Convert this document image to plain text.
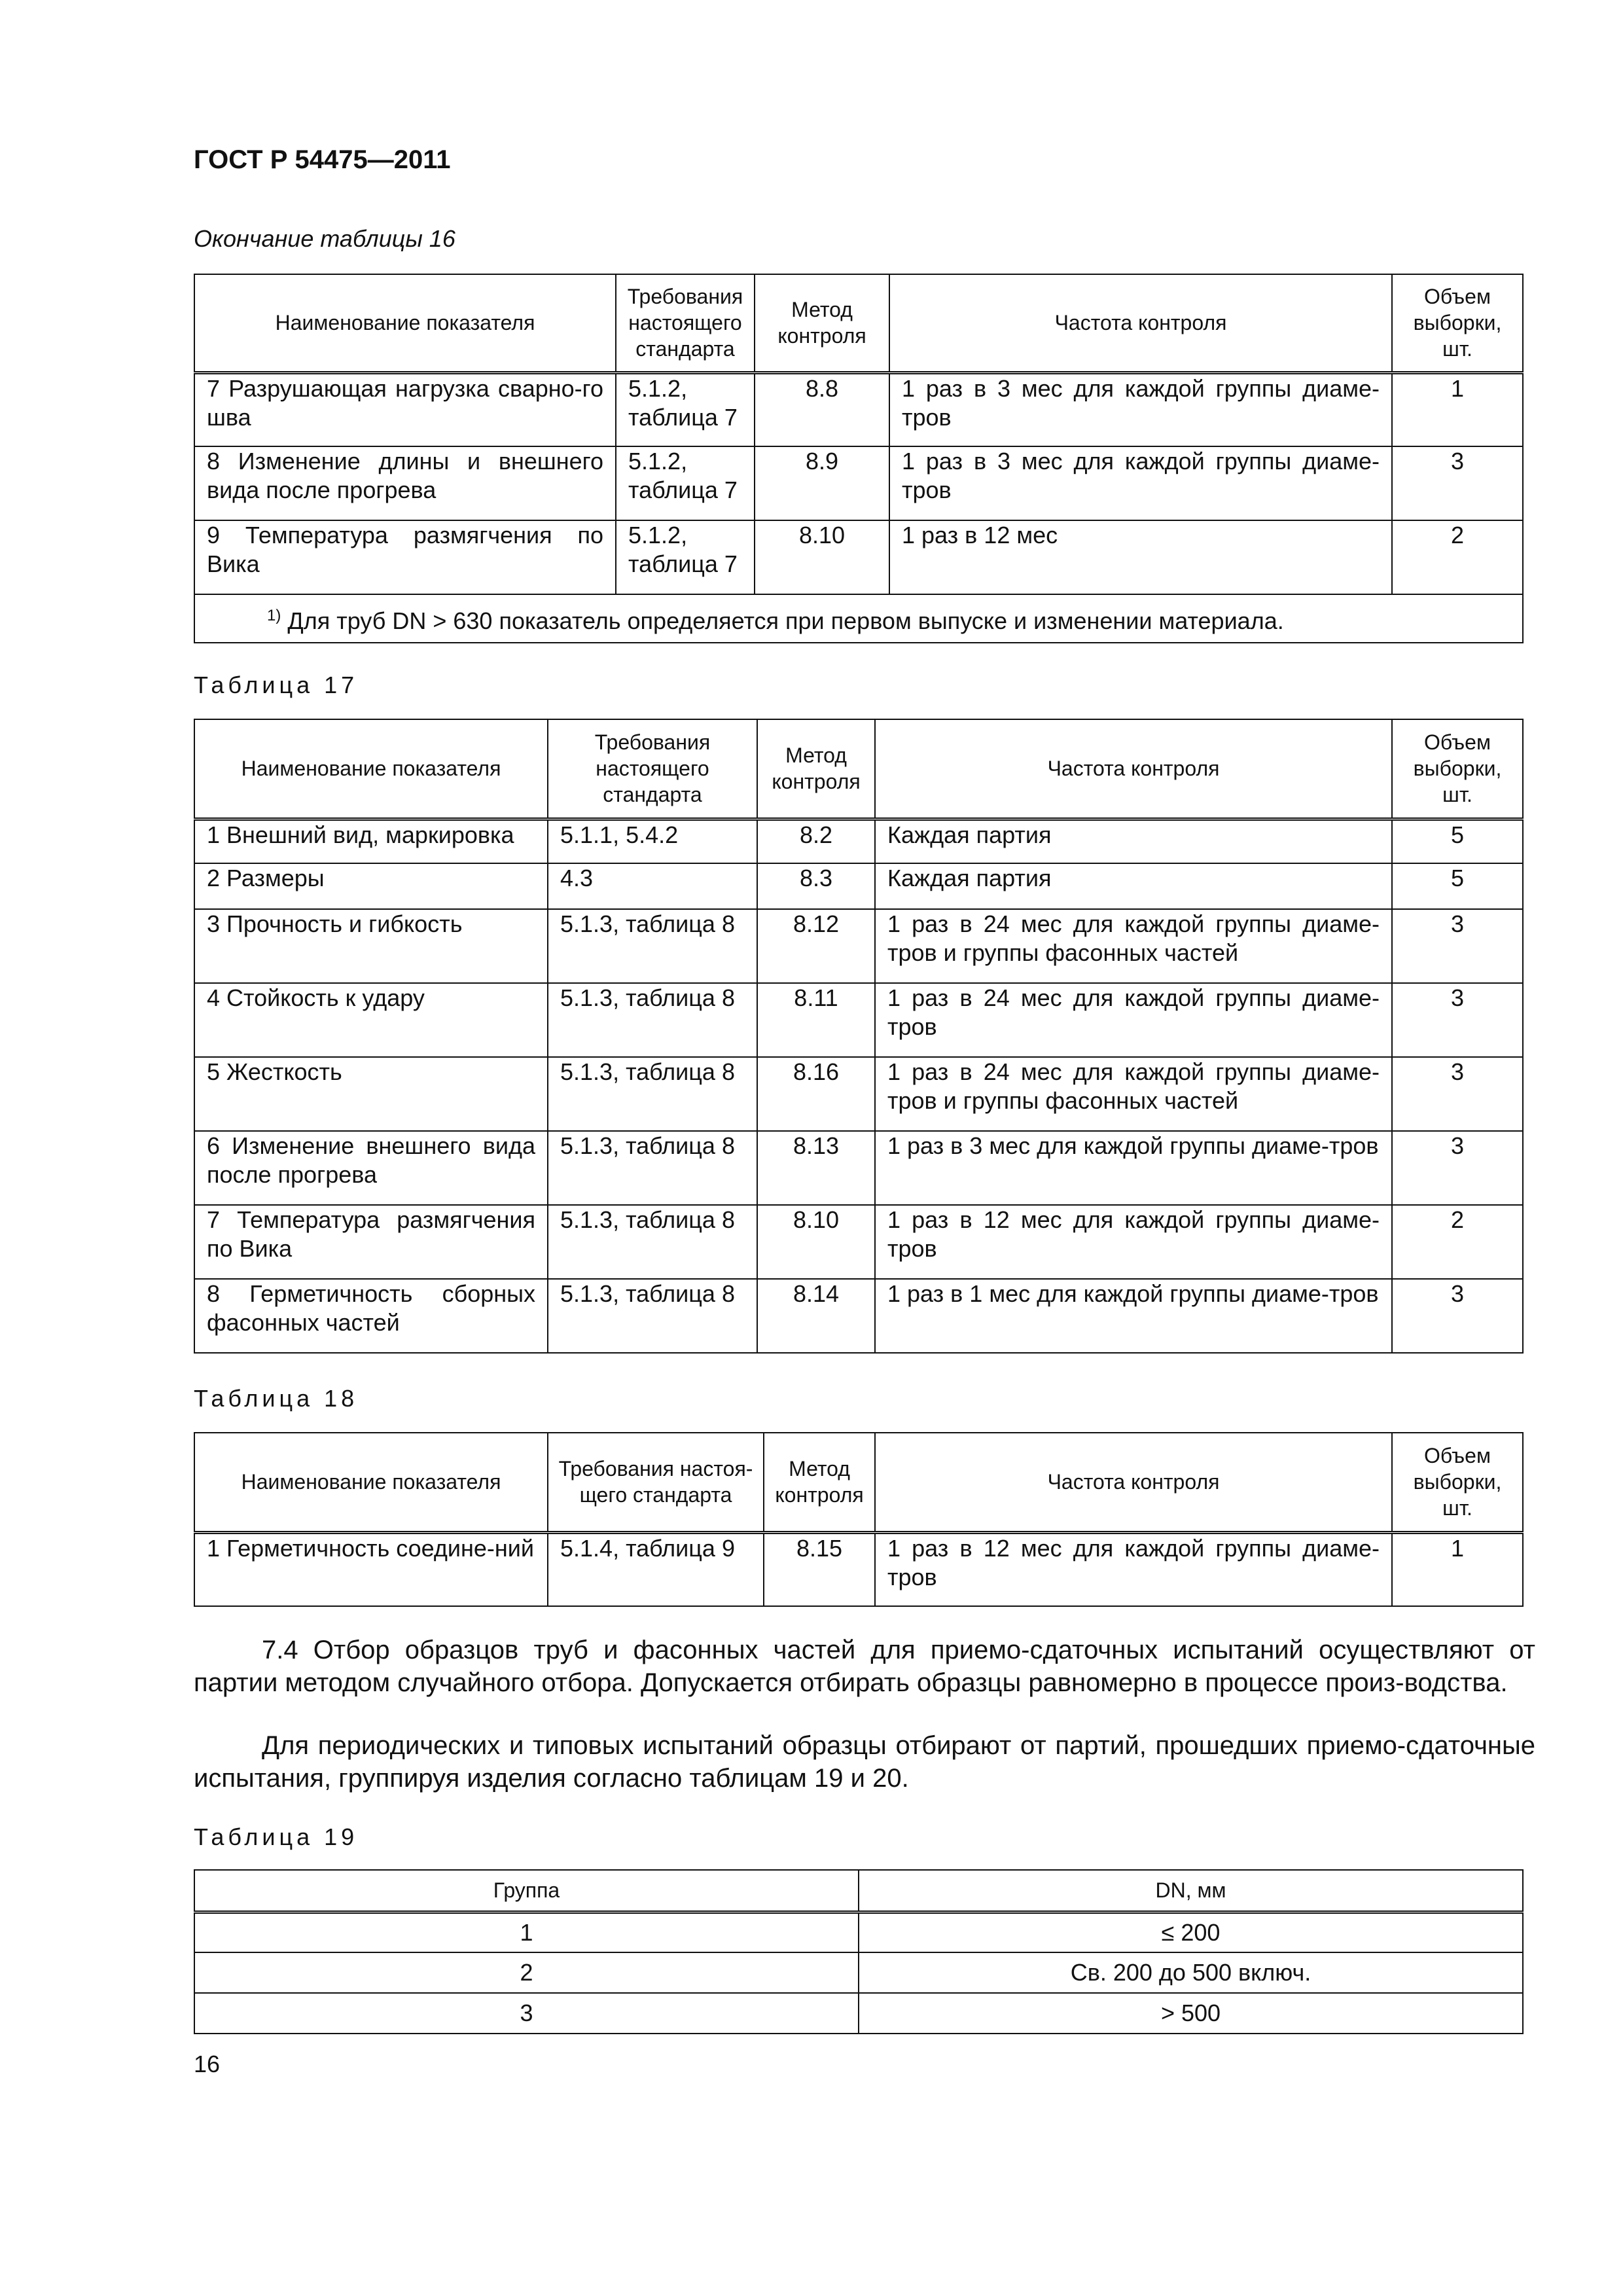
ГОСТ Р 54475—2011
Окончание таблицы 16
Наименование показателя	Требования настоящего стандарта	Метод контроля	Частота контроля	Объем выборки, шт.
7 Разрушающая нагрузка сварно-го шва	5.1.2, таблица 7	8.8	1 раз в 3 мес для каждой группы диаме-тров	1
8 Изменение длины и внешнего вида после прогрева	5.1.2, таблица 7	8.9	1 раз в 3 мес для каждой группы диаме-тров	3
9 Температура размягчения по Вика	5.1.2, таблица 7	8.10	1 раз в 12 мес	2
$^{1)}$ Для труб DN > 630 показатель определяется при первом выпуске и изменении материала.				
Таблица 17
Наименование показателя	Требования настоящего стандарта	Метод контроля	Частота контроля	Объем выборки, шт.
1 Внешний вид, маркировка	5.1.1, 5.4.2	8.2	Каждая партия	5
2 Размеры	4.3	8.3	Каждая партия	5
3 Прочность и гибкость	5.1.3, таблица 8	8.12	1 раз в 24 мес для каждой группы диаме-тров и группы фасонных частей	3
4 Стойкость к удару	5.1.3, таблица 8	8.11	1 раз в 24 мес для каждой группы диаме-тров	3
5 Жесткость	5.1.3, таблица 8	8.16	1 раз в 24 мес для каждой группы диаме-тров и группы фасонных частей	3
6 Изменение внешнего вида после прогрева	5.1.3, таблица 8	8.13	1 раз в 3 мес для каждой группы диаме-тров	3
7 Температура размягчения по Вика	5.1.3, таблица 8	8.10	1 раз в 12 мес для каждой группы диаме-тров	2
8 Герметичность сборных фасонных частей	5.1.3, таблица 8	8.14	1 раз в 1 мес для каждой группы диаме-тров	3
Таблица 18
Наименование показателя	Требования настоя-щего стандарта	Метод контроля	Частота контроля	Объем выборки, шт.
1 Герметичность соедине-ний	5.1.4, таблица 9	8.15	1 раз в 12 мес для каждой группы диаме-тров	1

7.4 Отбор образцов труб и фасонных частей для приемо-сдаточных испытаний осуществляют от партии методом случайного отбора. Допускается отбирать образцы равномерно в процессе произ-водства.

Для периодических и типовых испытаний образцы отбирают от партий, прошедших приемо-сдаточные испытания, группируя изделия согласно таблицам 19 и 20.

Таблица 19
Группа	DN, мм
1	≤ 200
2	Св. 200 до 500 включ.
3	> 500
16
